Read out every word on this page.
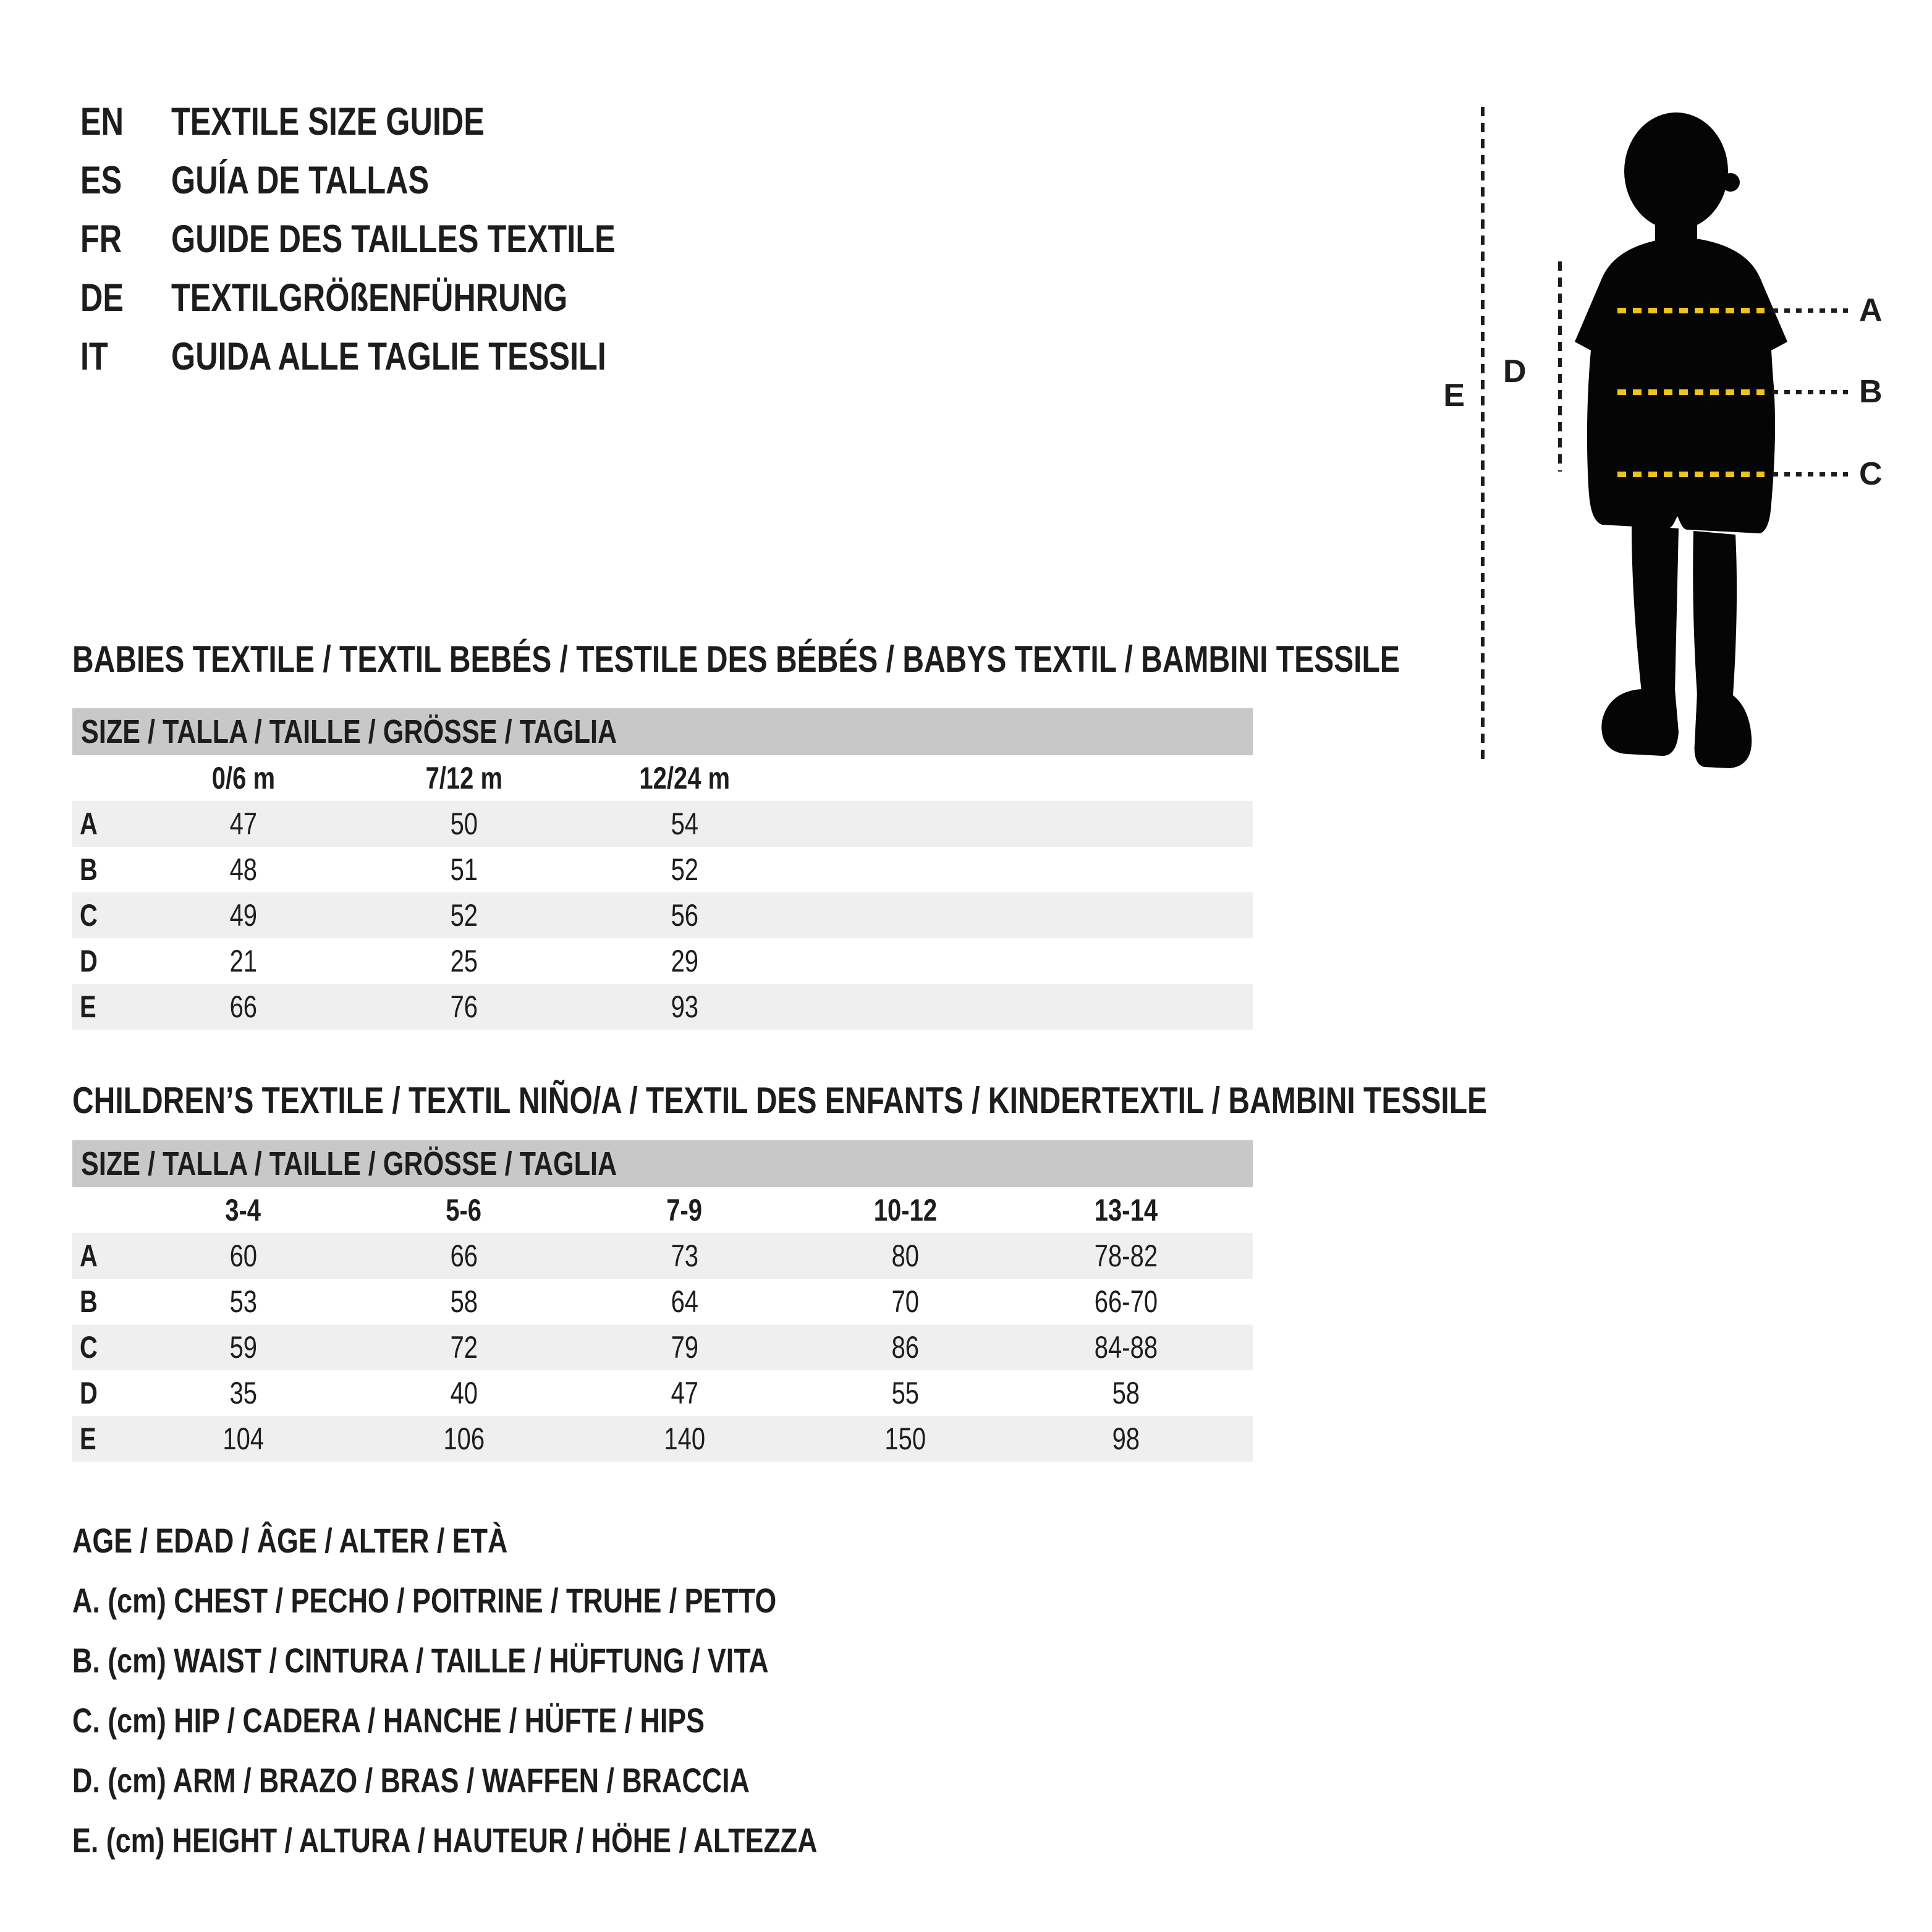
EN TEXTILE SIZE GUIDE
ES GUÍA DE TALLAS
FR GUIDE DES TAILLES TEXTILE
DE TEXTILGRÖßENFÜHRUNG
IT GUIDA ALLE TAGLIE TESSILI
E
D
A
B
C
BABIES TEXTILE / TEXTIL BEBÉS / TESTILE DES BÉBÉS / BABYS TEXTIL / BAMBINI TESSILE
SIZE / TALLA / TAILLE / GRÖSSE / TAGLIA
0/6 m	7/12 m	12/24 m
A	47	50	54
B	48	51	52
C	49	52	56
D	21	25	29
E	66	76	93
CHILDREN’S TEXTILE / TEXTIL NIÑO/A / TEXTIL DES ENFANTS / KINDERTEXTIL / BAMBINI TESSILE
SIZE / TALLA / TAILLE / GRÖSSE / TAGLIA
3-4	5-6	7-9	10-12	13-14
A	60	66	73	80	78-82
B	53	58	64	70	66-70
C	59	72	79	86	84-88
D	35	40	47	55	58
E	104	106	140	150	98
AGE / EDAD / ÂGE / ALTER / ETÀ
A. (cm) CHEST / PECHO / POITRINE / TRUHE / PETTO
B. (cm) WAIST / CINTURA / TAILLE / HÜFTUNG / VITA
C. (cm) HIP / CADERA / HANCHE / HÜFTE / HIPS
D. (cm) ARM / BRAZO / BRAS / WAFFEN / BRACCIA
E. (cm) HEIGHT / ALTURA / HAUTEUR / HÖHE / ALTEZZA
